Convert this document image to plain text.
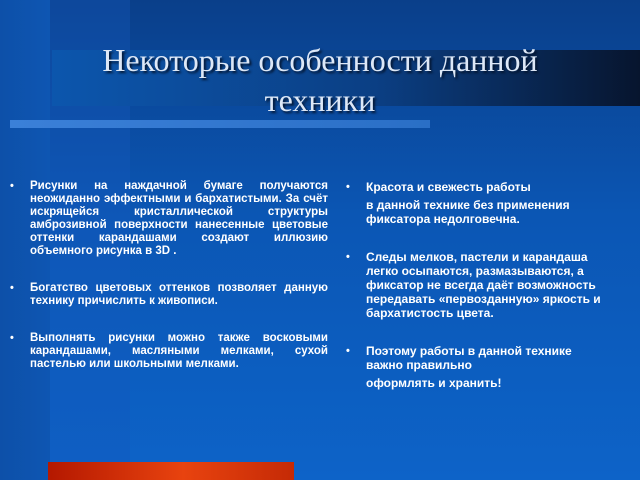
Некоторые особенности данной техники
• Рисунки на наждачной бумаге получаются неожиданно эффектными и бархатистыми. За счёт искрящейся кристаллической структуры амброзивной поверхности нанесенные цветовые оттенки карандашами создают иллюзию объемного рисунка в 3D .

• Богатство цветовых оттенков позволяет данную технику причислить к живописи.

• Выполнять рисунки можно также восковыми карандашами, масляными мелками, сухой пастелью или школьными мелками.

• Красота и свежесть работы

в данной технике без применения фиксатора недолговечна.

• Следы мелков, пастели и карандаша легко осыпаются, размазываются, а фиксатор не всегда даёт возможность передавать «первозданную» яркость и бархатистость цвета.

• Поэтому работы в данной технике важно правильно

оформлять и хранить!
